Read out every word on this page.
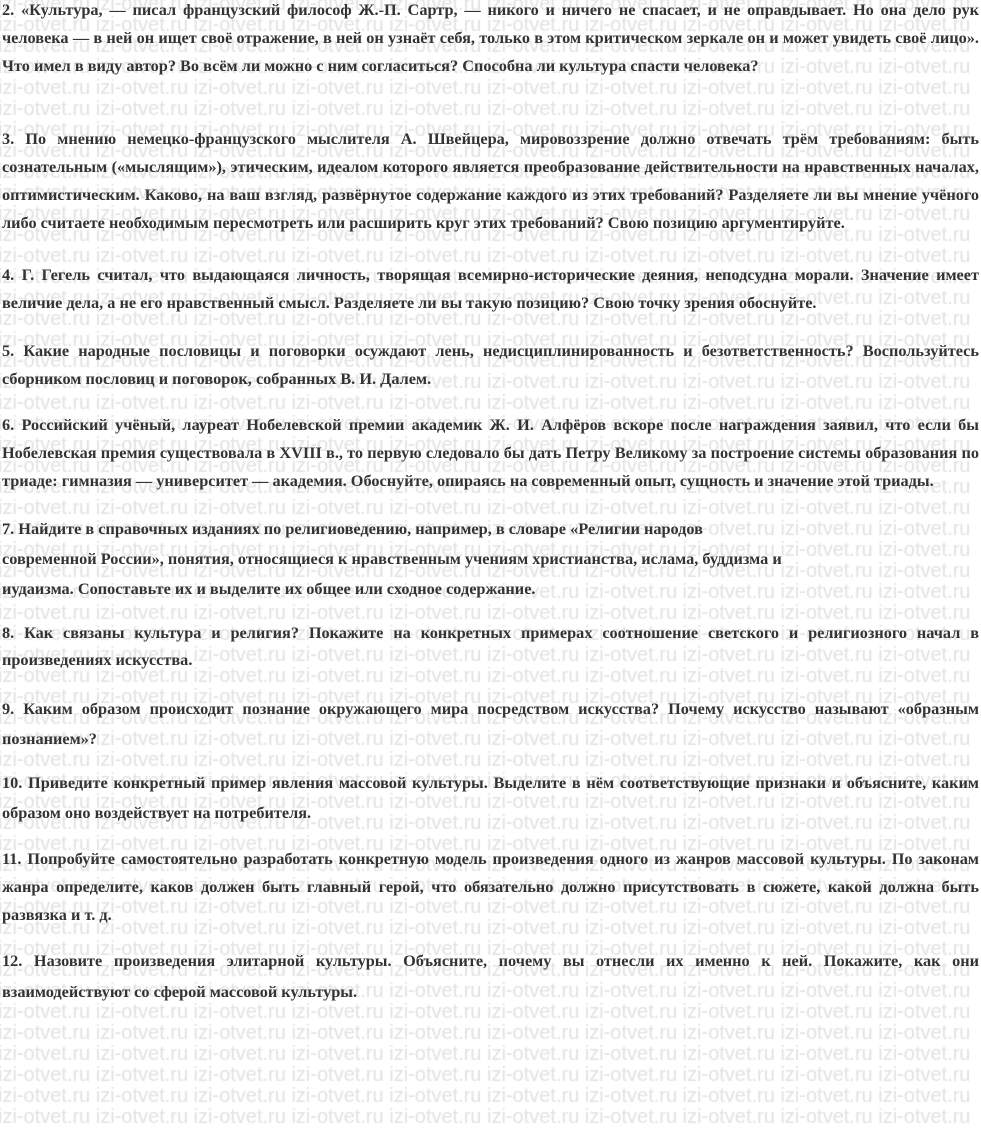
2. «Культура, — писал французский философ Ж.-П. Сартр, — никого и ничего не спасает, и не оправдывает. Но она дело рук человека — в ней он ищет своё отражение, в ней он узнаёт себя, только в этом критическом зеркале он и может увидеть своё лицо». Что имел в виду автор? Во всём ли можно с ним согласиться? Способна ли культура спасти человека?

3. По мнению немецко-французского мыслителя А. Швейцера, мировоззрение должно отвечать трём требованиям: быть сознательным («мыслящим»), этическим, идеалом которого является преобразование действительности на нравственных началах, оптимистическим. Каково, на ваш взгляд, развёрнутое содержание каждого из этих требований? Разделяете ли вы мнение учёного либо считаете необходимым пересмотреть или расширить круг этих требований? Свою позицию аргументируйте.

4. Г. Гегель считал, что выдающаяся личность, творящая всемирно-исторические деяния, неподсудна морали. Значение имеет величие дела, а не его нравственный смысл. Разделяете ли вы такую позицию? Свою точку зрения обоснуйте.

5. Какие народные пословицы и поговорки осуждают лень, недисциплинированность и безответственность? Воспользуйтесь сборником пословиц и поговорок, собранных В. И. Далем.

6. Российский учёный, лауреат Нобелевской премии академик Ж. И. Алфёров вскоре после награждения заявил, что если бы Нобелевская премия существовала в XVIII в., то первую следовало бы дать Петру Великому за построение системы образования по триаде: гимназия — университет — академия. Обоснуйте, опираясь на современный опыт, сущность и значение этой триады.

7. Найдите в справочных изданиях по религиоведению, например, в словаре «Религии народов
современной России», понятия, относящиеся к нравственным учениям христианства, ислама, буддизма и
иудаизма. Сопоставьте их и выделите их общее или сходное содержание.

8. Как связаны культура и религия? Покажите на конкретных примерах соотношение светского и религиозного начал в произведениях искусства.

9. Каким образом происходит познание окружающего мира посредством искусства? Почему искусство называют «образным познанием»?

10. Приведите конкретный пример явления массовой культуры. Выделите в нём соответствующие признаки и объясните, каким образом оно воздействует на потребителя.

11. Попробуйте самостоятельно разработать конкретную модель произведения одного из жанров массовой культуры. По законам жанра определите, каков должен быть главный герой, что обязательно должно присутствовать в сюжете, какой должна быть развязка и т. д.

12. Назовите произведения элитарной культуры. Объясните, почему вы отнесли их именно к ней. Покажите, как они взаимодействуют со сферой массовой культуры.
